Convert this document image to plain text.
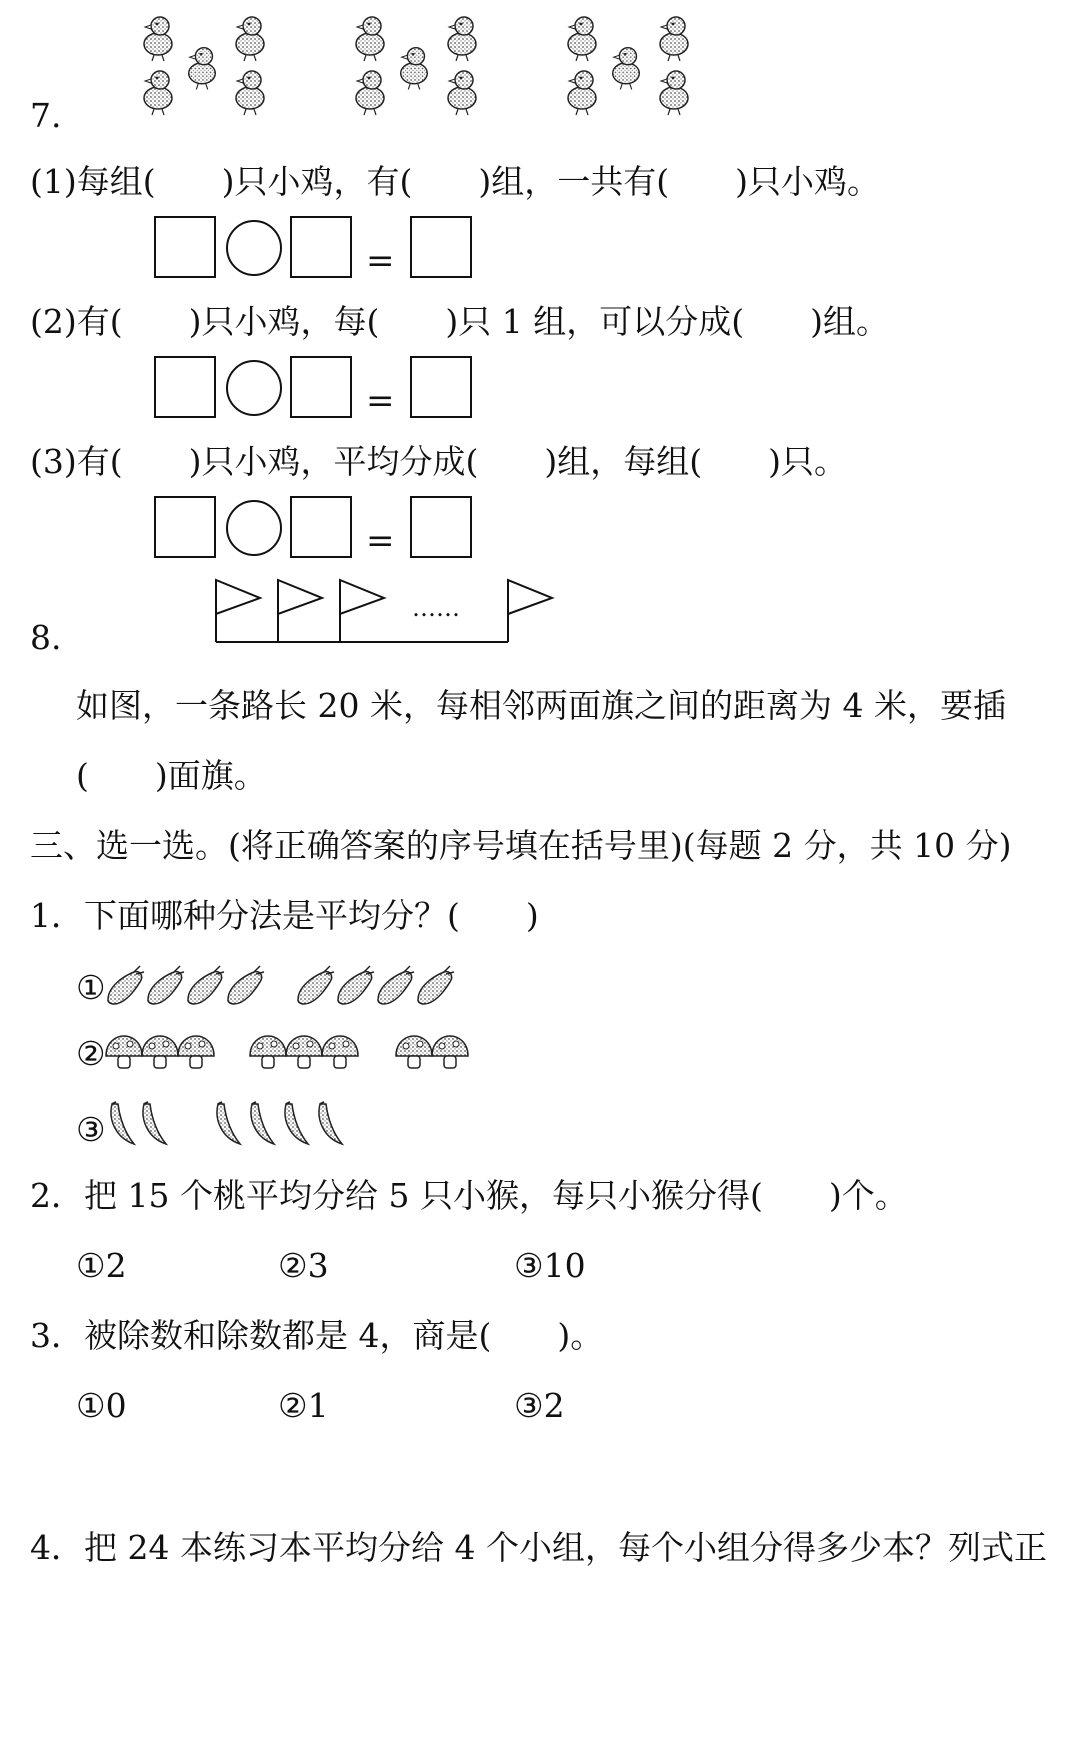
7.
(1)每组(　　)只小鸡，有(　　)组，一共有(　　)只小鸡。
=
(2)有(　　)只小鸡，每(　　)只 1 组，可以分成(　　)组。
=
(3)有(　　)只小鸡，平均分成(　　)组，每组(　　)只。
=
8.
……
如图，一条路长 20 米，每相邻两面旗之间的距离为 4 米，要插
(　　)面旗。
三、选一选。(将正确答案的序号填在括号里)(每题 2 分，共 10 分)
1．下面哪种分法是平均分？(　　)
①
②
③
2．把 15 个桃平均分给 5 只小猴，每只小猴分得(　　)个。
①2	②3	③10
3．被除数和除数都是 4，商是(　　)。
①0	②1	③2
4．把 24 本练习本平均分给 4 个小组，每个小组分得多少本？列式正
